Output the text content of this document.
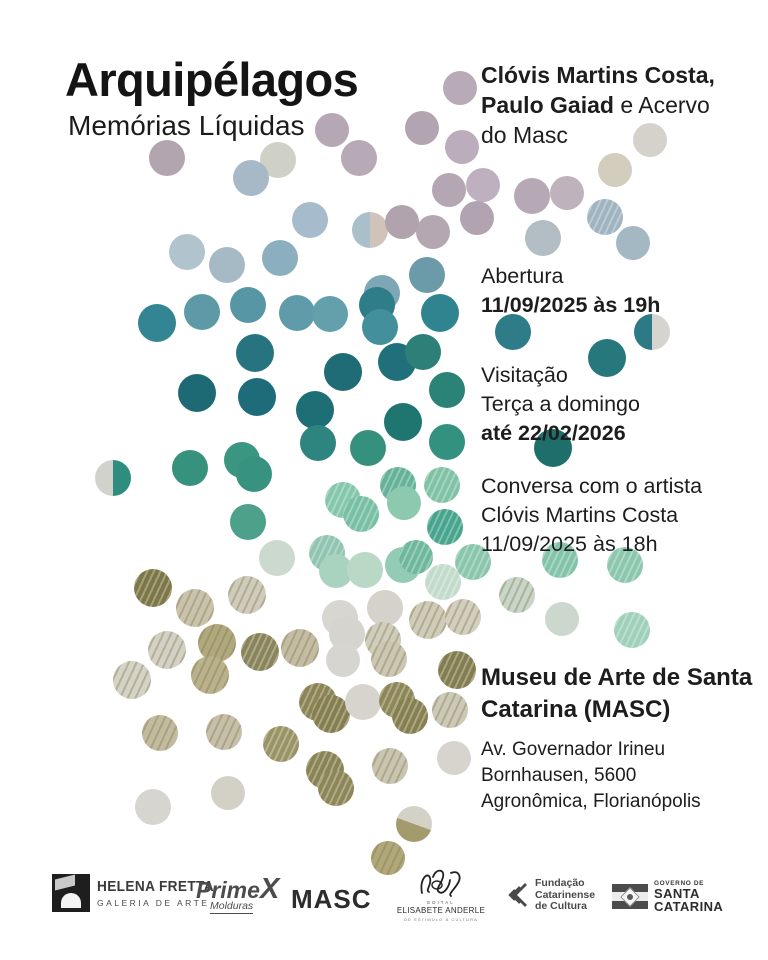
Arquipélagos
Memórias Líquidas
Clóvis Martins Costa,
Paulo Gaiad e Acervo
do Masc
Abertura
11/09/2025 às 19h
Visitação
Terça a domingo
até 22/02/2026
Conversa com o artista
Clóvis Martins Costa
11/09/2025 às 18h
Museu de Arte de Santa
Catarina (MASC)
Av. Governador Irineu
Bornhausen, 5600
Agronômica, Florianópolis
HELENA FRETTA
GALERIA DE ARTE
PrimeX
Molduras MASC	EDITAL
ELISABETE ANDERLE
DE ESTÍMULO À CULTURA
Fundação
Catarinense
de Cultura
GOVERNO DE
SANTA
CATARINA
